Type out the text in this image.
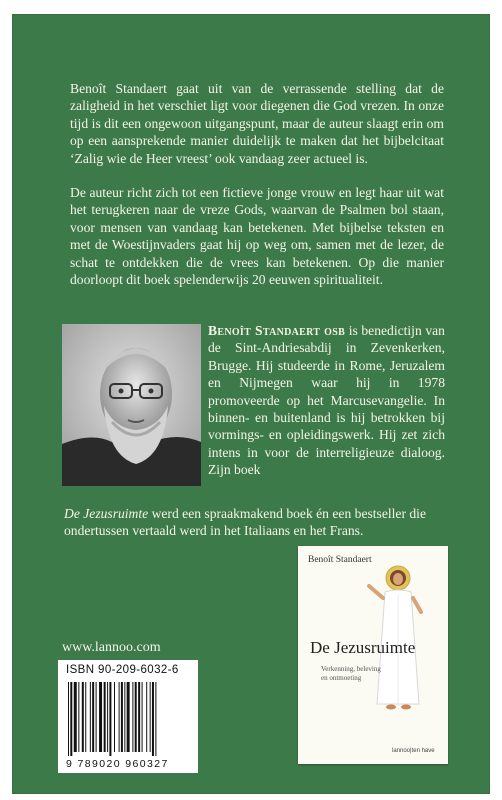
Benoît Standaert gaat uit van de verrassende stelling dat de zaligheid in het verschiet ligt voor diegenen die God vrezen. In onze tijd is dit een ongewoon uitgangspunt, maar de auteur slaagt erin om op een aansprekende manier duidelijk te maken dat het bijbelcitaat ‘Zalig wie de Heer vreest’ ook vandaag zeer actueel is.

De auteur richt zich tot een fictieve jonge vrouw en legt haar uit wat het terugkeren naar de vreze Gods, waarvan de Psalmen bol staan, voor mensen van vandaag kan betekenen. Met bijbelse teksten en met de Woestijnvaders gaat hij op weg om, samen met de lezer, de schat te ontdekken die de vrees kan betekenen. Op die manier doorloopt dit boek spelenderwijs 20 eeuwen spiritualiteit.

Benoît Standaert osb is benedictijn van de Sint-Andriesabdij in Zevenkerken, Brugge. Hij studeerde in Rome, Jeruzalem en Nijmegen waar hij in 1978 promoveerde op het Marcusevangelie. In binnen- en buitenland is hij betrokken bij vormings- en opleidingswerk. Hij zet zich intens in voor de interreligieuze dialoog. Zijn boek

De Jezusruimte werd een spraakmakend boek én een bestseller die ondertussen vertaald werd in het Italiaans en het Frans.

www.lannoo.com
ISBN 90-209-6032-6
9 789020 960327
Benoît Standaert
De Jezusruimte
Verkenning, beleving en ontmoeting
lannoo|ten have
